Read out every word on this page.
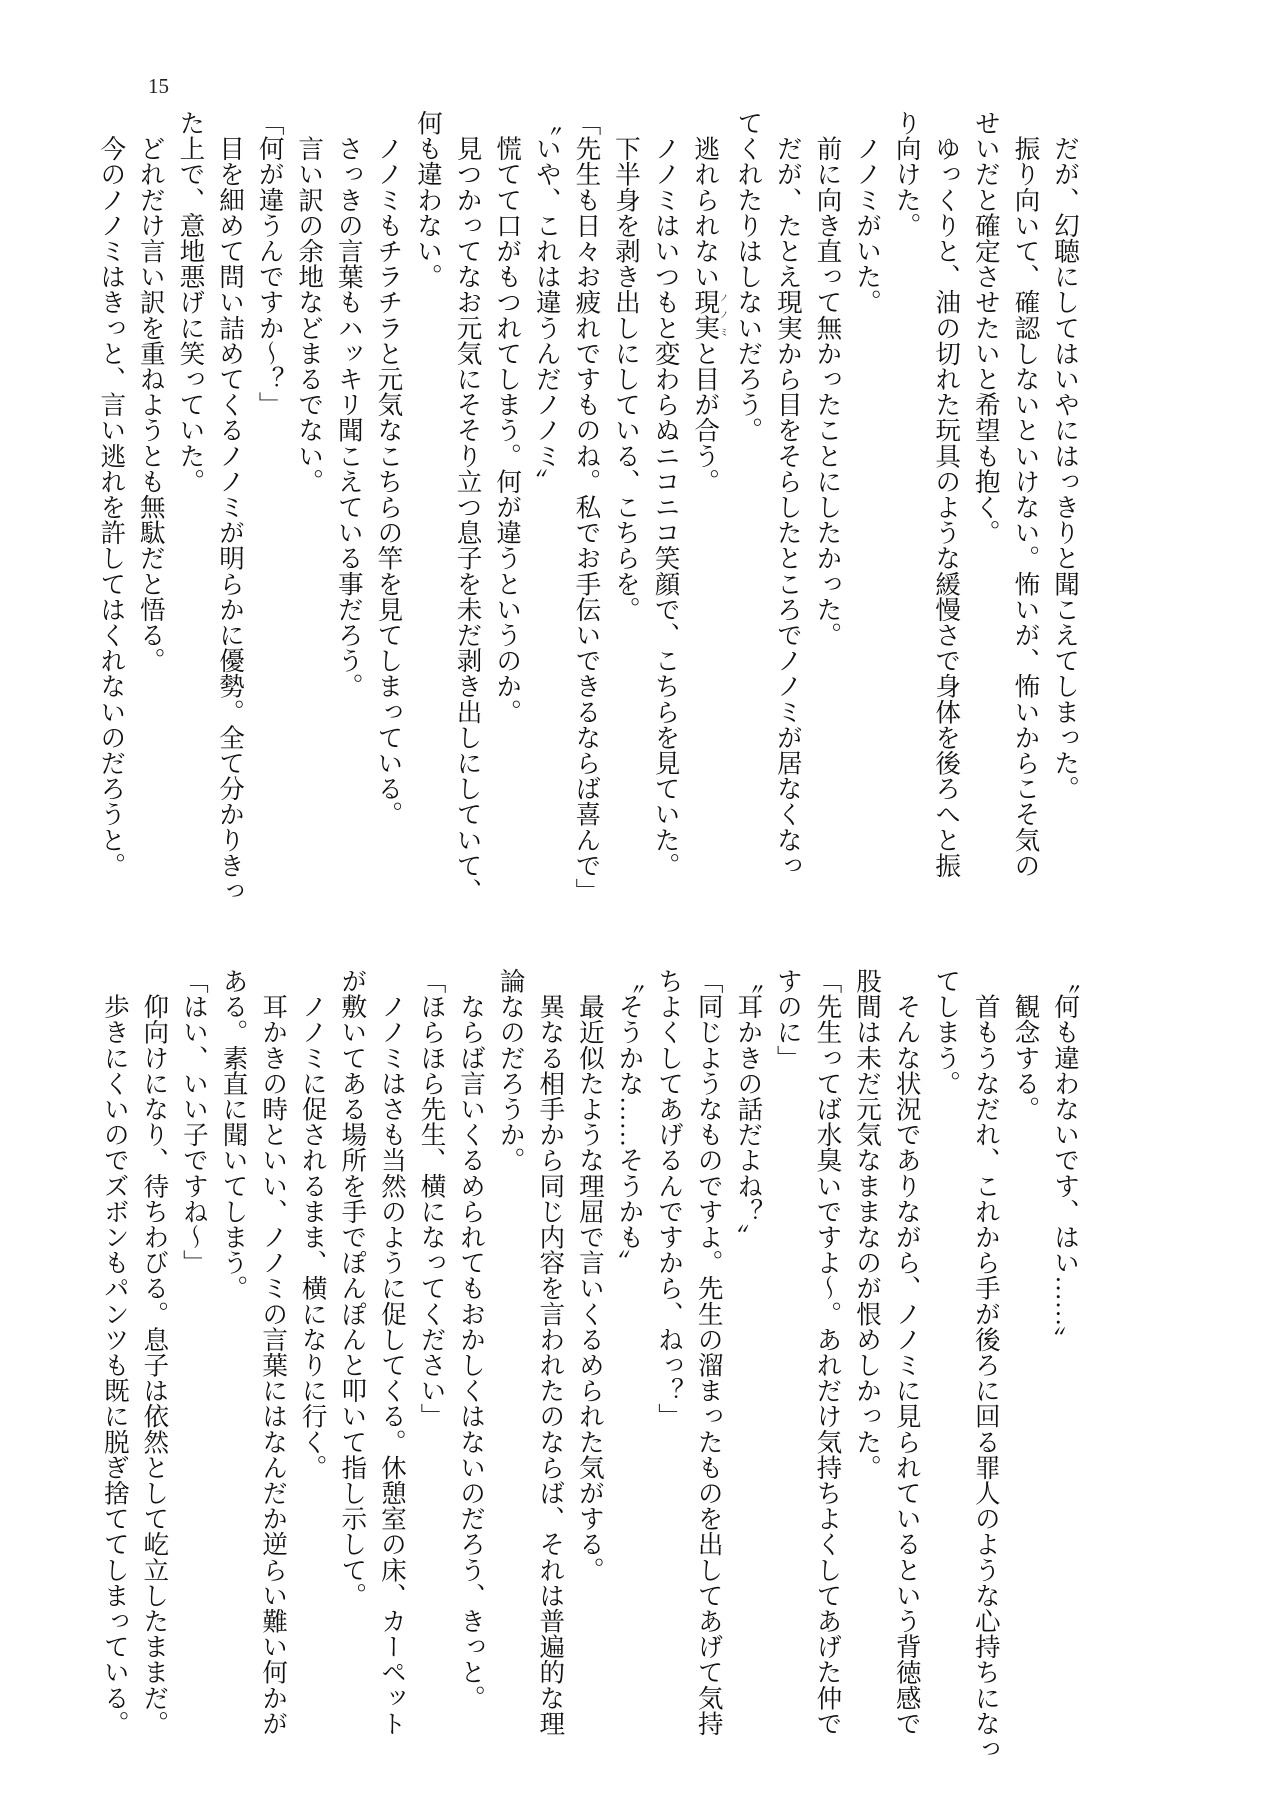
15
　だが、幻聴にしてはいやにはっきりと聞こえてしまった。
　振り向いて、確認しないといけない。怖いが、怖いからこそ気の
せいだと確定させたいと希望も抱く。
　ゆっくりと、油の切れた玩具のような緩慢さで身体を後ろへと振
り向けた。
　ノノミがいた。
　前に向き直って無かったことにしたかった。
　だが、たとえ現実から目をそらしたところでノノミが居なくなっ
てくれたりはしないだろう。
　逃れられない現実ノノミと目が合う。
　ノノミはいつもと変わらぬニコニコ笑顔で、こちらを見ていた。
　下半身を剥き出しにしている、こちらを。
「先生も日々お疲れですものね。私でお手伝いできるならば喜んで」
〝いや、これは違うんだノノミ〟
　慌てて口がもつれてしまう。何が違うというのか。
　見つかってなお元気にそそり立つ息子を未だ剥き出しにしていて、
何も違わない。
　ノノミもチラチラと元気なこちらの竿を見てしまっている。
　さっきの言葉もハッキリ聞こえている事だろう。
　言い訳の余地などまるでない。
「何が違うんですか～？」
　目を細めて問い詰めてくるノノミが明らかに優勢。全て分かりきっ
た上で、意地悪げに笑っていた。
　どれだけ言い訳を重ねようとも無駄だと悟る。
　今のノノミはきっと、言い逃れを許してはくれないのだろうと。
〝何も違わないです、はい……〟
　観念する。
　首もうなだれ、これから手が後ろに回る罪人のような心持ちになっ
てしまう。
　そんな状況でありながら、ノノミに見られているという背徳感で
股間は未だ元気なままなのが恨めしかった。
「先生ってば水臭いですよ～。あれだけ気持ちよくしてあげた仲で
すのに」
〝耳かきの話だよね？〟
「同じようなものですよ。先生の溜まったものを出してあげて気持
ちよくしてあげるんですから、ねっ？」
〝そうかな……そうかも〟
　最近似たような理屈で言いくるめられた気がする。
　異なる相手から同じ内容を言われたのならば、それは普遍的な理
論なのだろうか。
　ならば言いくるめられてもおかしくはないのだろう、きっと。
「ほらほら先生、横になってください」
　ノノミはさも当然のように促してくる。休憩室の床、カーペット
が敷いてある場所を手でぽんぽんと叩いて指し示して。
　ノノミに促されるまま、横になりに行く。
　耳かきの時といい、ノノミの言葉にはなんだか逆らい難い何かが
ある。素直に聞いてしまう。
「はい、いい子ですね～」
　仰向けになり、待ちわびる。息子は依然として屹立したままだ。
　歩きにくいのでズボンもパンツも既に脱ぎ捨ててしまっている。
